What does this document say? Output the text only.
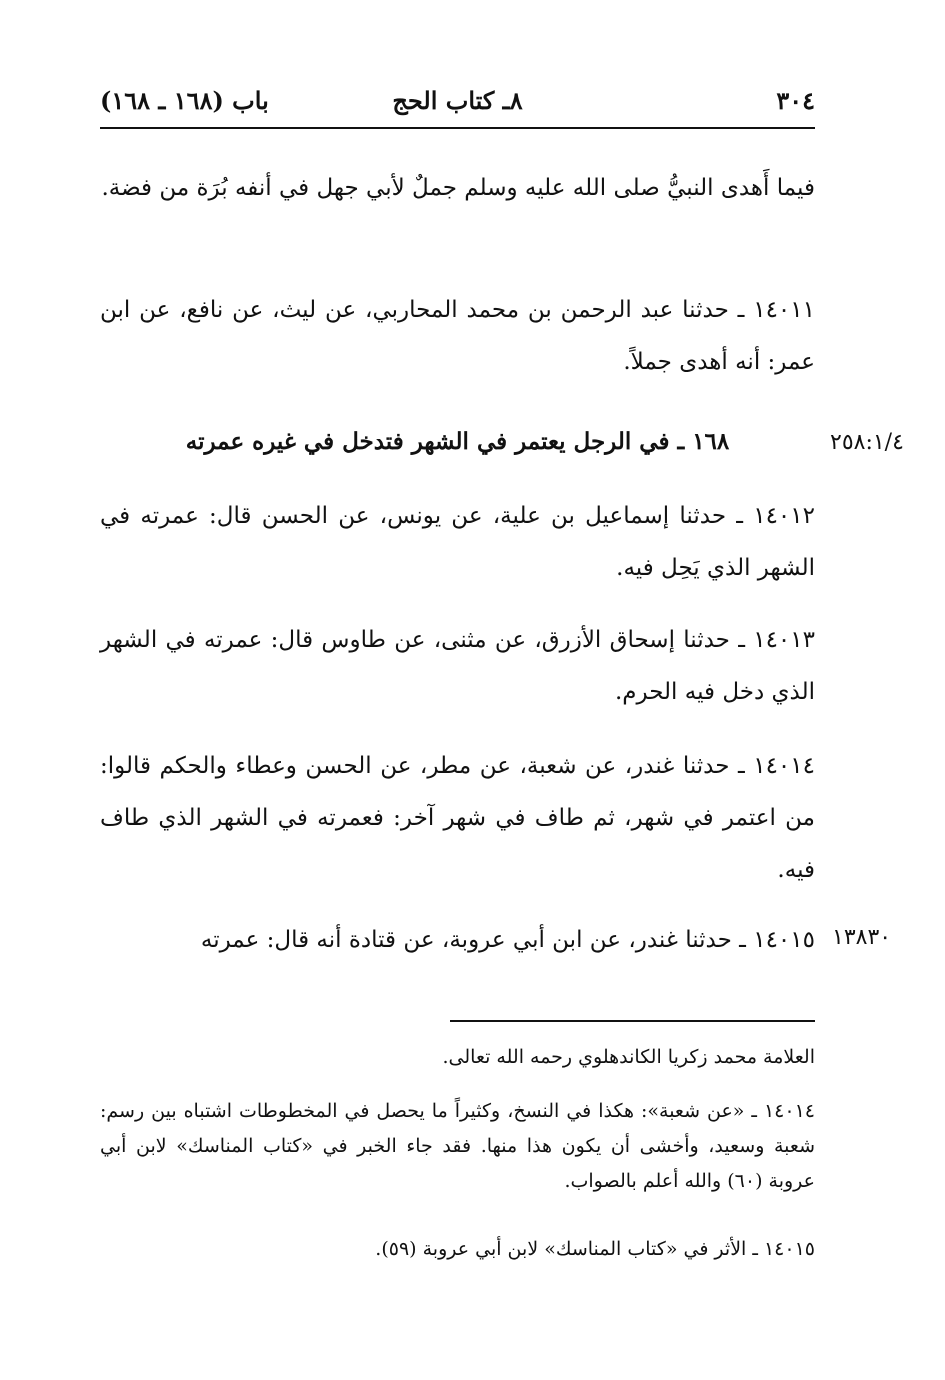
٣٠٤
٨ـ كتاب الحج
باب (١٦٨ ـ ١٦٨)
فيما أَهدى النبيُّ صلى الله عليه وسلم جملٌ لأبي جهل في أنفه بُرَة من فضة.
١٤٠١١ ـ حدثنا عبد الرحمن بن محمد المحاربي، عن ليث، عن نافع، عن ابن عمر: أنه أهدى جملاً.
٢٥٨:١/٤
١٦٨ ـ في الرجل يعتمر في الشهر فتدخل في غيره عمرته
١٤٠١٢ ـ حدثنا إسماعيل بن علية، عن يونس، عن الحسن قال: عمرته في الشهر الذي يَحِل فيه.
١٤٠١٣ ـ حدثنا إسحاق الأزرق، عن مثنى، عن طاوس قال: عمرته في الشهر الذي دخل فيه الحرم.
١٤٠١٤ ـ حدثنا غندر، عن شعبة، عن مطر، عن الحسن وعطاء والحكم قالوا: من اعتمر في شهر، ثم طاف في شهر آخر: فعمرته في الشهر الذي طاف فيه.
١٣٨٣٠
١٤٠١٥ ـ حدثنا غندر، عن ابن أبي عروبة، عن قتادة أنه قال: عمرته
العلامة محمد زكريا الكاندهلوي رحمه الله تعالى.
١٤٠١٤ ـ «عن شعبة»: هكذا في النسخ، وكثيراً ما يحصل في المخطوطات اشتباه بين رسم: شعبة وسعيد، وأخشى أن يكون هذا منها. فقد جاء الخبر في «كتاب المناسك» لابن أبي عروبة (٦٠) والله أعلم بالصواب.
١٤٠١٥ ـ الأثر في «كتاب المناسك» لابن أبي عروبة (٥٩).
